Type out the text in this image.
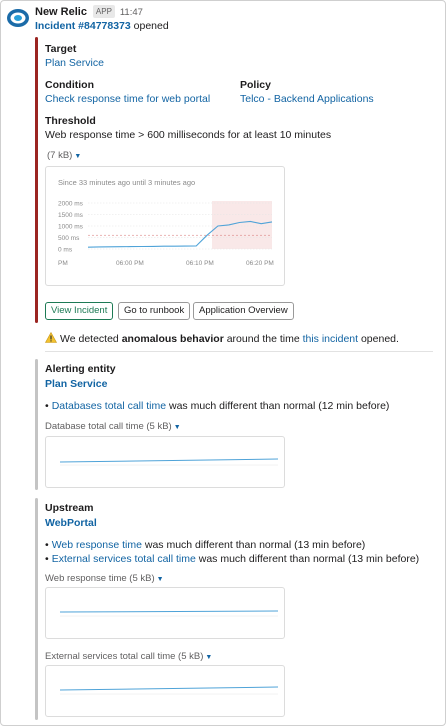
New Relic APP 11:47
Incident #84778373 opened
Target
Plan Service
Condition
Check response time for web portal
Policy
Telco - Backend Applications
Threshold
Web response time > 600 milliseconds for at least 10 minutes
(7 kB) ▼
Since 33 minutes ago until 3 minutes ago
2000 ms
1500 ms
1000 ms
500 ms
0 ms
PM	06:00 PM	06:10 PM	06:20 PM
View Incident	Go to runbook	Application Overview
We detected anomalous behavior around the time this incident opened.
Alerting entity
Plan Service
• Databases total call time was much different than normal (12 min before)
Database total call time (5 kB) ▼
Upstream
WebPortal
• Web response time was much different than normal (13 min before)
• External services total call time was much different than normal (13 min before)
Web response time (5 kB) ▼
External services total call time (5 kB) ▼
